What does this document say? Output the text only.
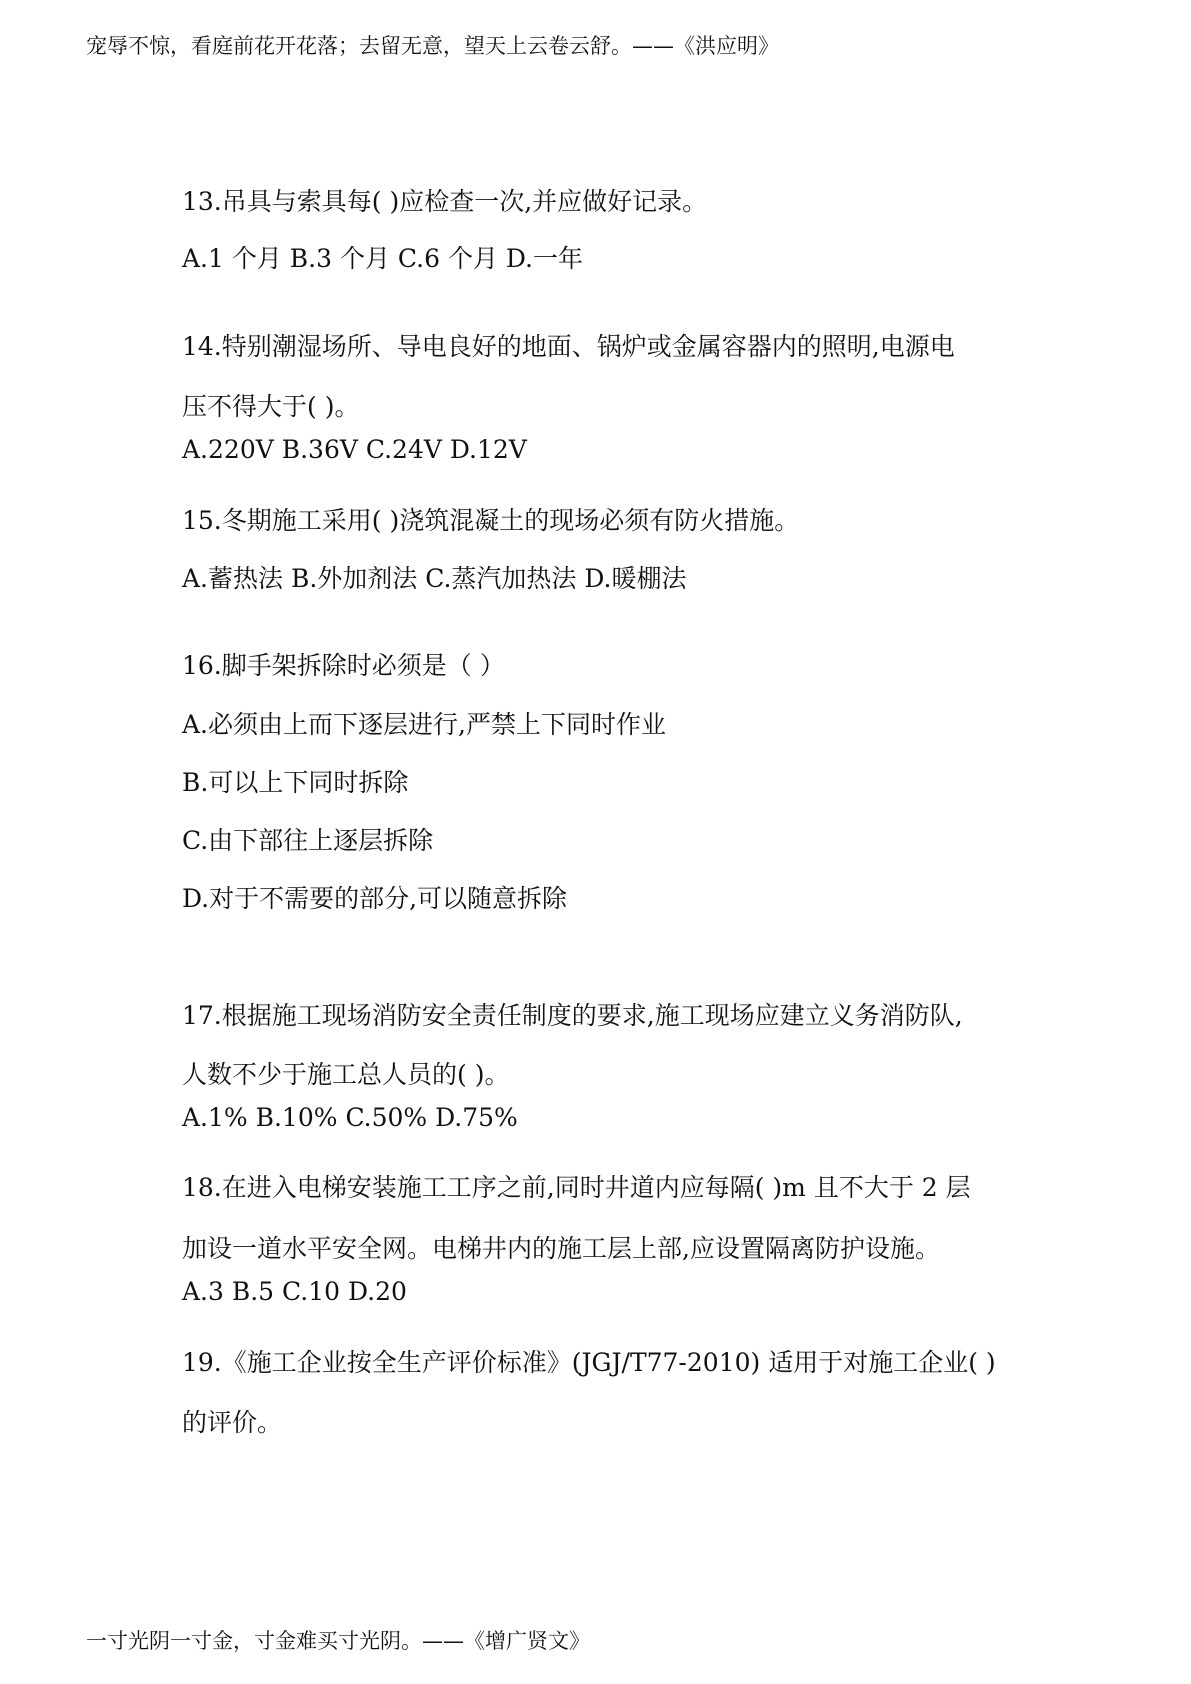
宠辱不惊，看庭前花开花落；去留无意，望天上云卷云舒。——《洪应明》
13.吊具与索具每( )应检查一次,并应做好记录。
A.1 个月 B.3 个月 C.6 个月 D.一年
14.特别潮湿场所、导电良好的地面、锅炉或金属容器内的照明,电源电
压不得大于( )。
A.220V B.36V C.24V D.12V
15.冬期施工采用( )浇筑混凝土的现场必须有防火措施。
A.蓄热法 B.外加剂法 C.蒸汽加热法 D.暖棚法
16.脚手架拆除时必须是（ ）
A.必须由上而下逐层进行,严禁上下同时作业
B.可以上下同时拆除
C.由下部往上逐层拆除
D.对于不需要的部分,可以随意拆除
17.根据施工现场消防安全责任制度的要求,施工现场应建立义务消防队,
人数不少于施工总人员的( )。
A.1% B.10% C.50% D.75%
18.在进入电梯安装施工工序之前,同时井道内应每隔( )m 且不大于 2 层
加设一道水平安全网。电梯井内的施工层上部,应设置隔离防护设施。
A.3 B.5 C.10 D.20
19.《施工企业按全生产评价标准》(JGJ/T77-2010) 适用于对施工企业( )
的评价。
一寸光阴一寸金，寸金难买寸光阴。——《增广贤文》
